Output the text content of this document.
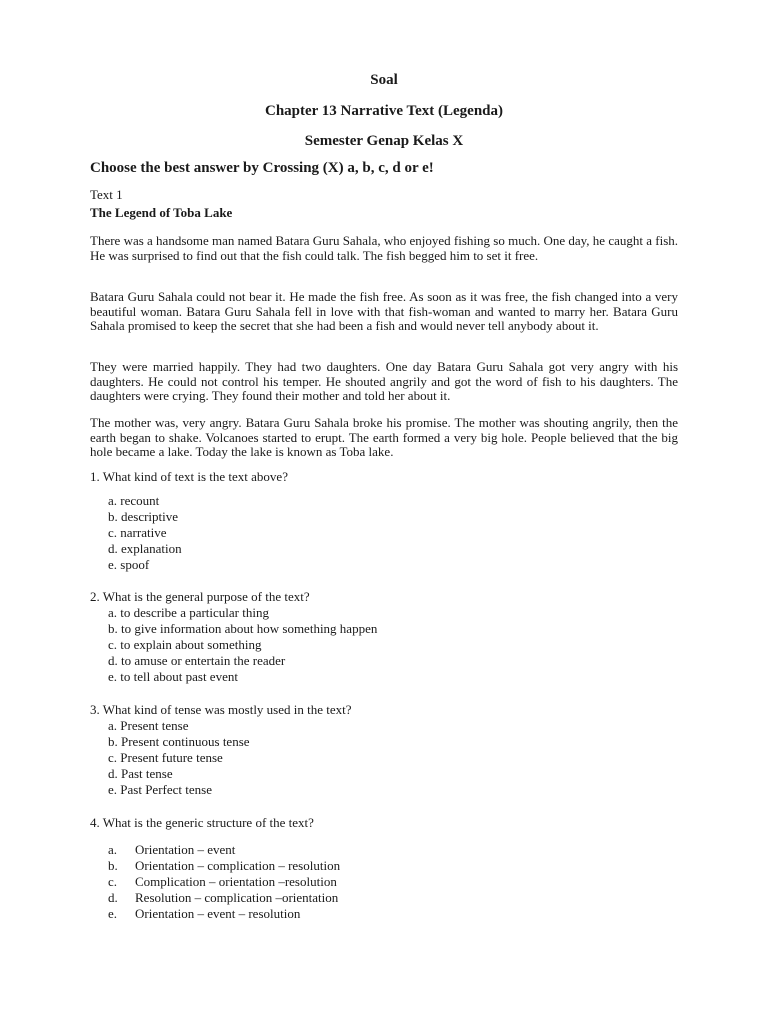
Soal
Chapter 13 Narrative Text (Legenda)
Semester Genap Kelas X
Choose the best answer by Crossing (X) a, b, c, d or e!
Text 1
The Legend of Toba Lake
There was a handsome man named Batara Guru Sahala, who enjoyed fishing so much. One day, he caught a fish. He was surprised to find out that the fish could talk. The fish begged him to set it free.
Batara Guru Sahala could not bear it. He made the fish free. As soon as it was free, the fish changed into a very beautiful woman. Batara Guru Sahala fell in love with that fish-woman and wanted to marry her. Batara Guru Sahala promised to keep the secret that she had been a fish and would never tell anybody about it.
They were married happily. They had two daughters. One day Batara Guru Sahala got very angry with his daughters. He could not control his temper. He shouted angrily and got the word of fish to his daughters. The daughters were crying. They found their mother and told her about it.
The mother was, very angry. Batara Guru Sahala broke his promise. The mother was shouting angrily, then the earth began to shake. Volcanoes started to erupt. The earth formed a very big hole. People believed that the big hole became a lake. Today the lake is known as Toba lake.
1. What kind of text is the text above?
a. recount
b. descriptive
c. narrative
d. explanation
e. spoof
2. What is the general purpose of the text?
a. to describe a particular thing
b. to give information about how something happen
c. to explain about something
d. to amuse or entertain the reader
e. to tell about past event
3. What kind of tense was mostly used in the text?
a. Present tense
b. Present continuous tense
c. Present future tense
d. Past tense
e. Past Perfect tense
4. What is the generic structure of the text?
a. Orientation – event
b. Orientation – complication – resolution
c. Complication – orientation –resolution
d. Resolution – complication –orientation
e. Orientation – event – resolution
